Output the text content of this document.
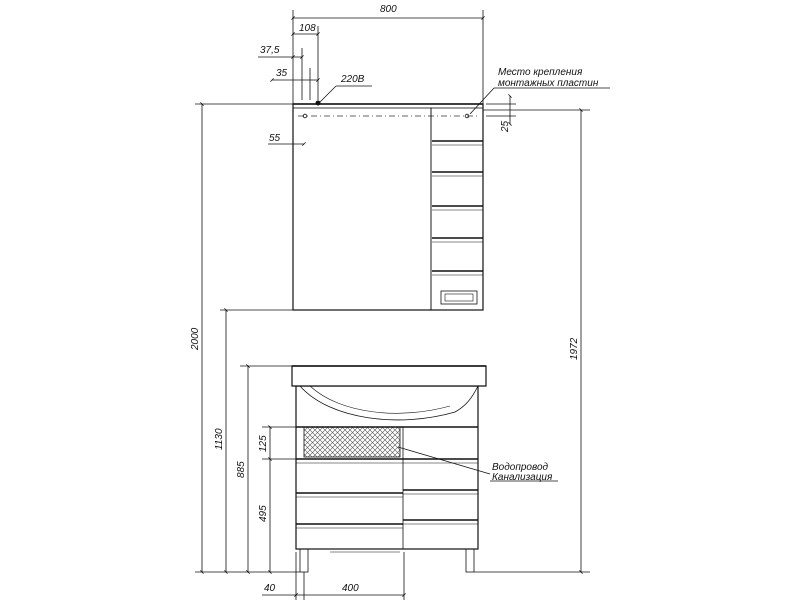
800
108
37,5
35
220В
55
Место крепления
монтажных пластин
25
2000	1972
1130
885
125
495
Водопровод
Канализация
40	400
